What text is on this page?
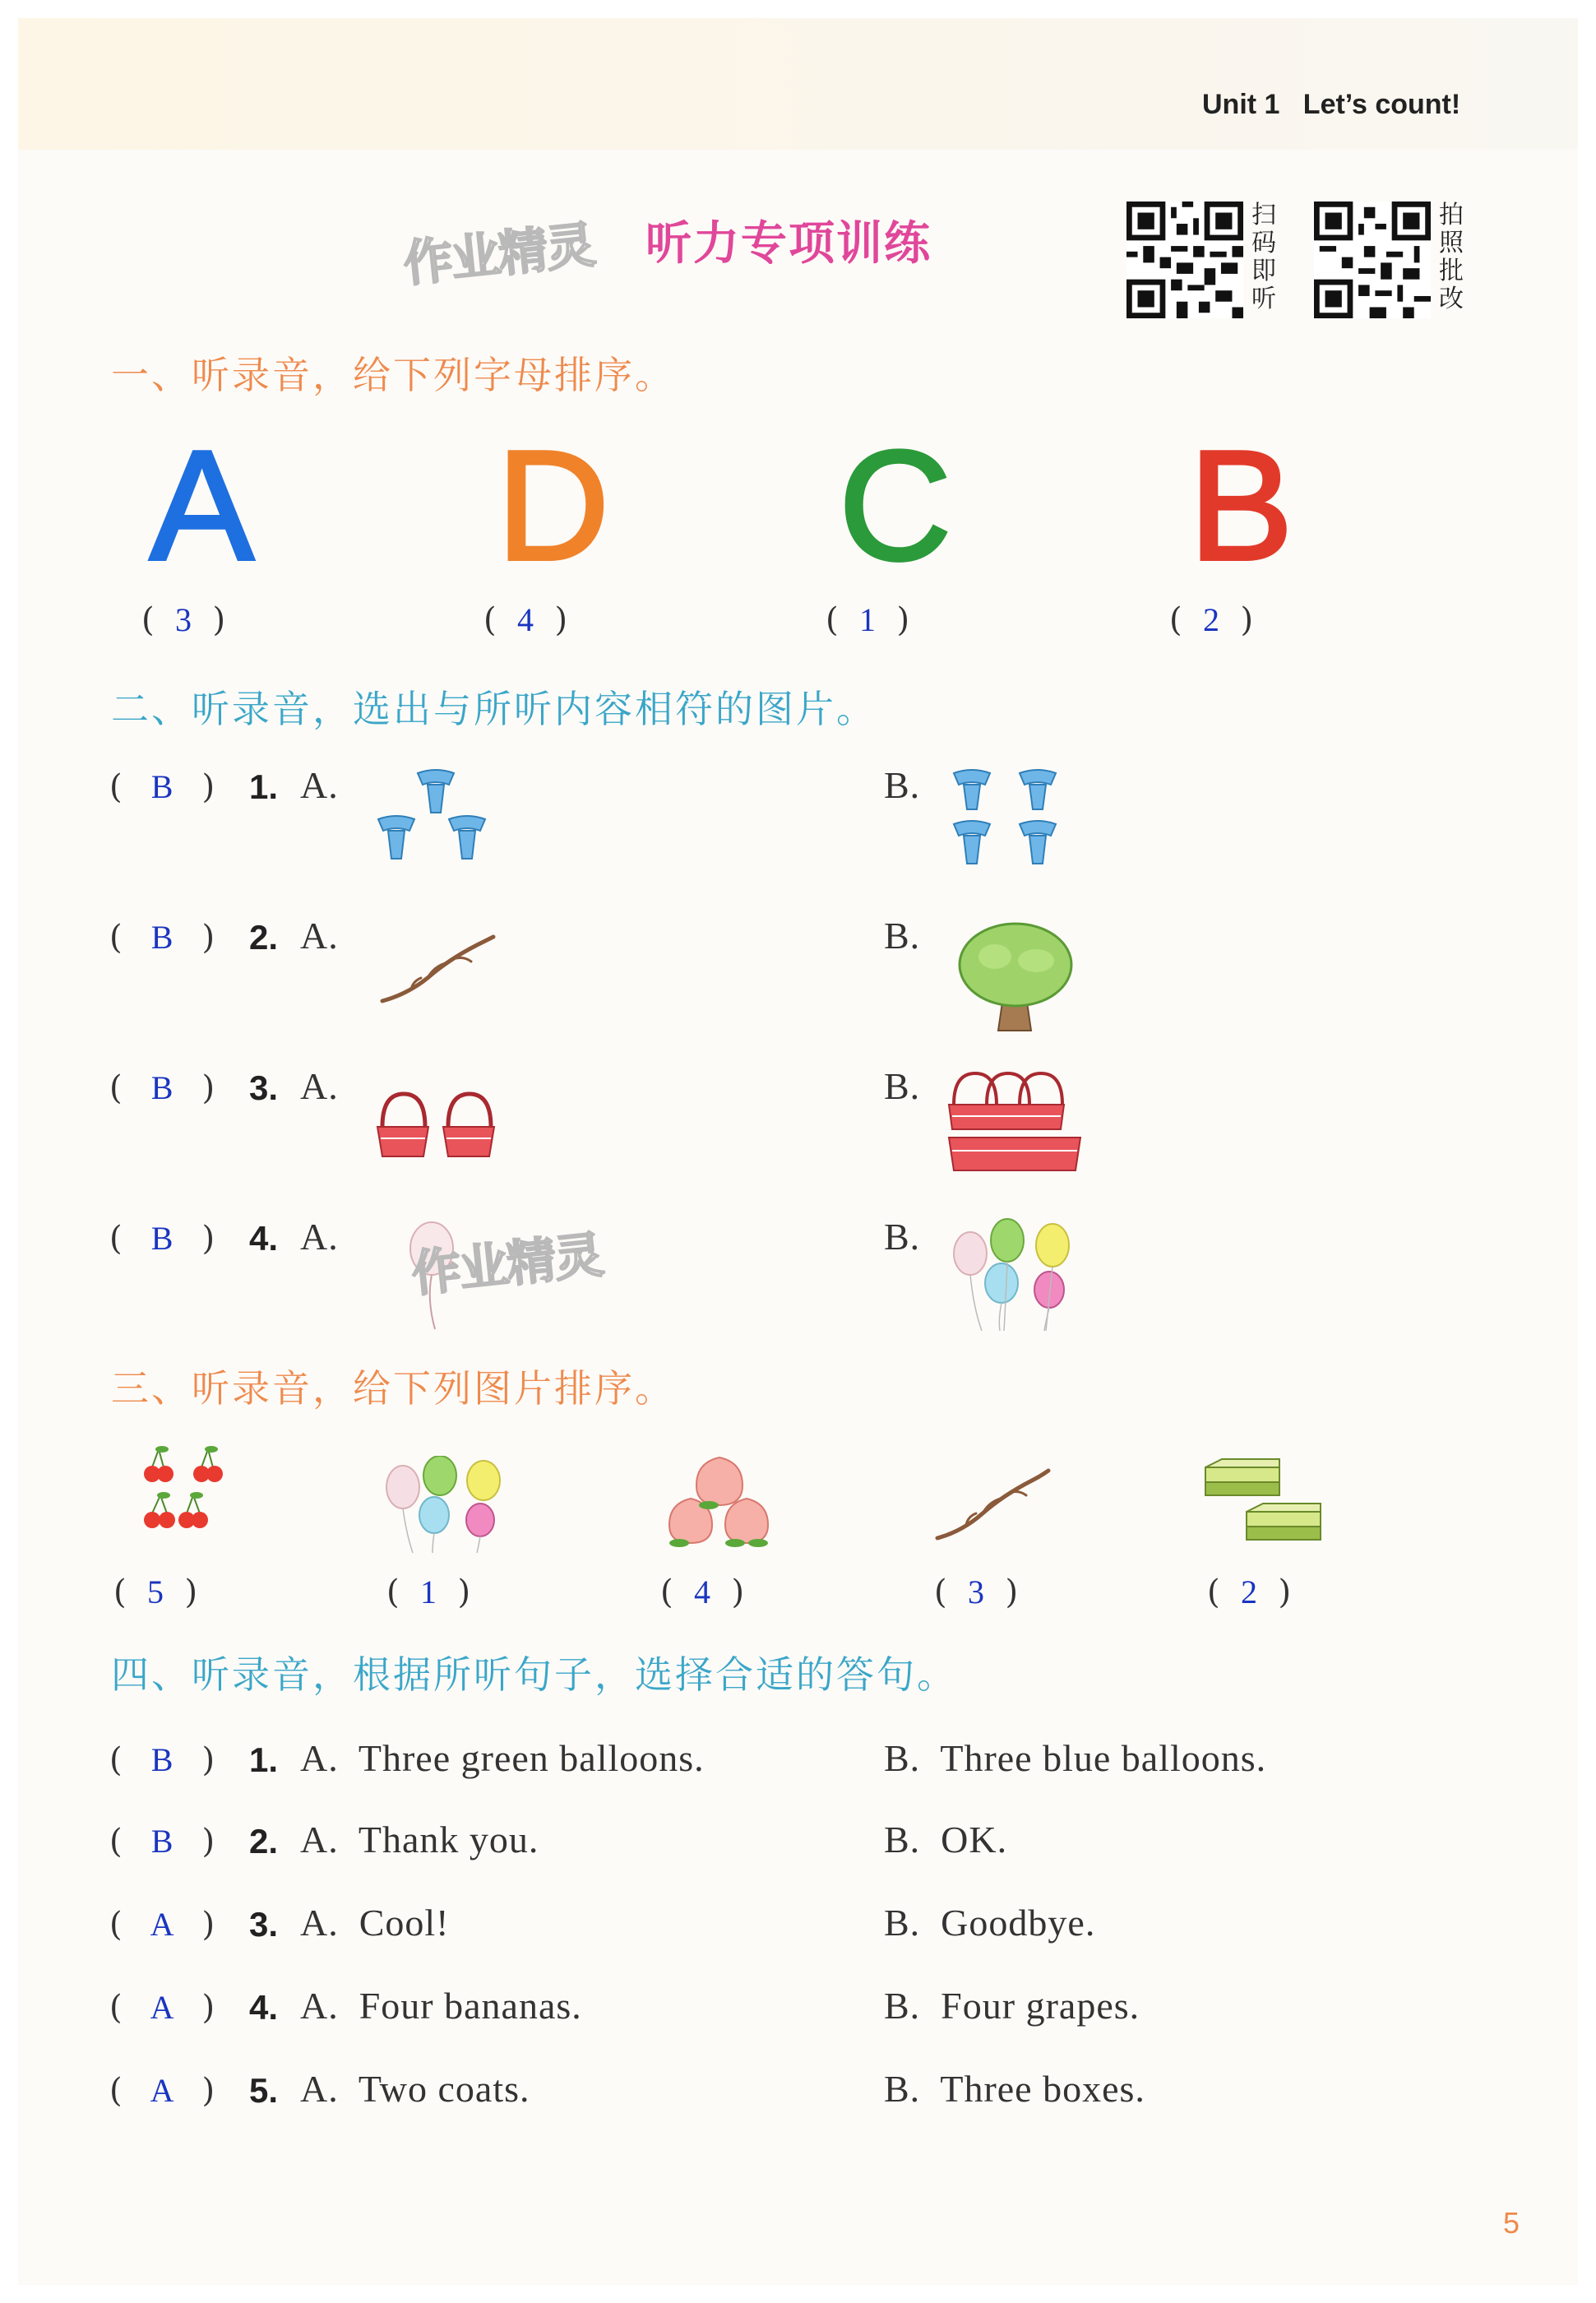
Unit 1 Let’s count!
作业精灵 听力专项训练
扫
码
即
听
拍
照
批
改
一、听录音，给下列字母排序。
A D C B
(  3  )	(  4  )	(  1  )	(  2  )
二、听录音，选出与所听内容相符的图片。
(  B  ) 1. A.	B.
(  B  ) 2. A.	B.
(  B  ) 3. A.	B.
(  B  ) 4. A. 作业精灵	B.
三、听录音，给下列图片排序。
(  5  )	(  1  )	(  4  )	(  3  )	(  2  )
四、听录音，根据所听句子，选择合适的答句。
(  B  ) 1. A.  Three green balloons.	B.  Three blue balloons.
(  B  ) 2. A.  Thank you.	B.  OK.
(  A  ) 3. A.  Cool!	B.  Goodbye.
(  A  ) 4. A.  Four bananas.	B.  Four grapes.
(  A  ) 5. A.  Two coats.	B.  Three boxes.
5
